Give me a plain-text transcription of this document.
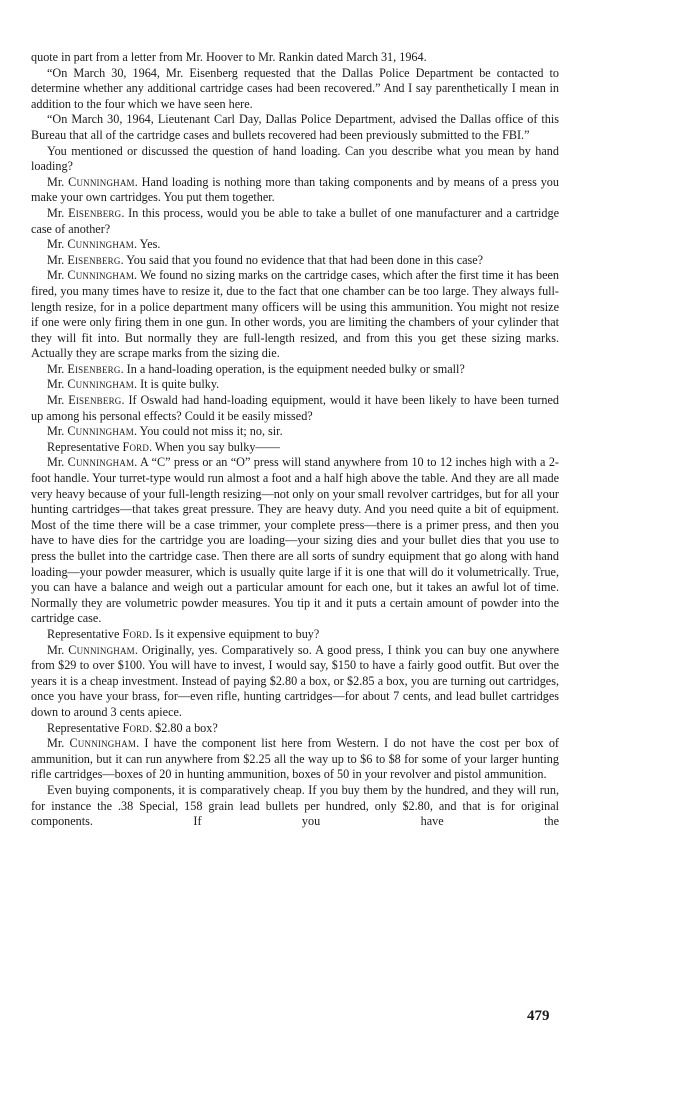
quote in part from a letter from Mr. Hoover to Mr. Rankin dated March 31, 1964.

“On March 30, 1964, Mr. Eisenberg requested that the Dallas Police Department be contacted to determine whether any additional cartridge cases had been recovered.” And I say parenthetically I mean in addition to the four which we have seen here.

“On March 30, 1964, Lieutenant Carl Day, Dallas Police Department, advised the Dallas office of this Bureau that all of the cartridge cases and bullets recovered had been previously submitted to the FBI.”

You mentioned or discussed the question of hand loading. Can you describe what you mean by hand loading?

Mr. Cunningham. Hand loading is nothing more than taking components and by means of a press you make your own cartridges. You put them together.

Mr. Eisenberg. In this process, would you be able to take a bullet of one manufacturer and a cartridge case of another?

Mr. Cunningham. Yes.

Mr. Eisenberg. You said that you found no evidence that that had been done in this case?

Mr. Cunningham. We found no sizing marks on the cartridge cases, which after the first time it has been fired, you many times have to resize it, due to the fact that one chamber can be too large. They always full-length resize, for in a police department many officers will be using this ammunition. You might not resize if one were only firing them in one gun. In other words, you are limiting the chambers of your cylinder that they will fit into. But normally they are full-length resized, and from this you get these sizing marks. Actually they are scrape marks from the sizing die.

Mr. Eisenberg. In a hand-loading operation, is the equipment needed bulky or small?

Mr. Cunningham. It is quite bulky.

Mr. Eisenberg. If Oswald had hand-loading equipment, would it have been likely to have been turned up among his personal effects? Could it be easily missed?

Mr. Cunningham. You could not miss it; no, sir.

Representative Ford. When you say bulky——

Mr. Cunningham. A “C” press or an “O” press will stand anywhere from 10 to 12 inches high with a 2-foot handle. Your turret-type would run almost a foot and a half high above the table. And they are all made very heavy because of your full-length resizing—not only on your small revolver cartridges, but for all your hunting cartridges—that takes great pressure. They are heavy duty. And you need quite a bit of equipment. Most of the time there will be a case trimmer, your complete press—there is a primer press, and then you have to have dies for the cartridge you are loading—your sizing dies and your bullet dies that you use to press the bullet into the cartridge case. Then there are all sorts of sundry equipment that go along with hand loading—your powder measurer, which is usually quite large if it is one that will do it volumetrically. True, you can have a balance and weigh out a particular amount for each one, but it takes an awful lot of time. Normally they are volumetric powder measures. You tip it and it puts a certain amount of powder into the cartridge case.

Representative Ford. Is it expensive equipment to buy?

Mr. Cunningham. Originally, yes. Comparatively so. A good press, I think you can buy one anywhere from $29 to over $100. You will have to invest, I would say, $150 to have a fairly good outfit. But over the years it is a cheap investment. Instead of paying $2.80 a box, or $2.85 a box, you are turning out cartridges, once you have your brass, for—even rifle, hunting cartridges—for about 7 cents, and lead bullet cartridges down to around 3 cents apiece.

Representative Ford. $2.80 a box?

Mr. Cunningham. I have the component list here from Western. I do not have the cost per box of ammunition, but it can run anywhere from $2.25 all the way up to $6 to $8 for some of your larger hunting rifle cartridges—boxes of 20 in hunting ammunition, boxes of 50 in your revolver and pistol ammunition.

Even buying components, it is comparatively cheap. If you buy them by the hundred, and they will run, for instance the .38 Special, 158 grain lead bullets per hundred, only $2.80, and that is for original components. If you have the

479
